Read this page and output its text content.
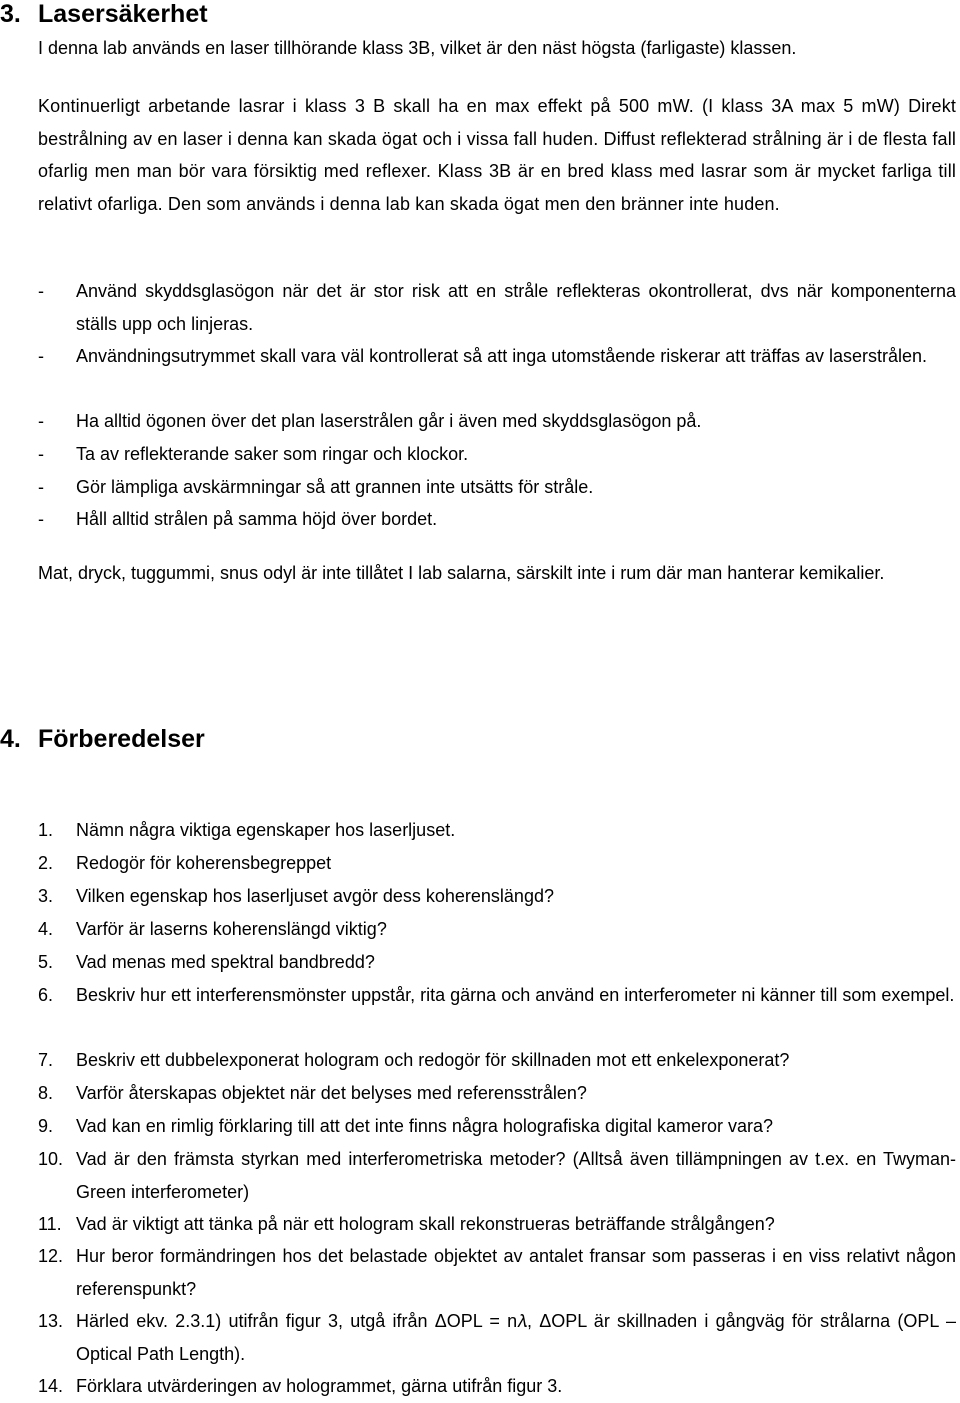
3. Lasersäkerhet

I denna lab används en laser tillhörande klass 3B, vilket är den näst högsta (farligaste) klassen.

Kontinuerligt arbetande lasrar i klass 3 B skall ha en max effekt på 500 mW. (I klass 3A max 5 mW) Direkt bestrålning av en laser i denna kan skada ögat och i vissa fall huden. Diffust reflekterad strålning är i de flesta fall ofarlig men man bör vara försiktig med reflexer. Klass 3B är en bred klass med lasrar som är mycket farliga till relativt ofarliga. Den som används i denna lab kan skada ögat men den bränner inte huden.

- Använd skyddsglasögon när det är stor risk att en stråle reflekteras okontrollerat, dvs när komponenterna ställs upp och linjeras.
- Användningsutrymmet skall vara väl kontrollerat så att inga utomstående riskerar att träffas av laserstrålen.
- Ha alltid ögonen över det plan laserstrålen går i även med skyddsglasögon på.
- Ta av reflekterande saker som ringar och klockor.
- Gör lämpliga avskärmningar så att grannen inte utsätts för stråle.
- Håll alltid strålen på samma höjd över bordet.

Mat, dryck, tuggummi, snus odyl är inte tillåtet I lab salarna, särskilt inte i rum där man hanterar kemikalier.

4. Förberedelser
1. Nämn några viktiga egenskaper hos laserljuset.
2. Redogör för koherensbegreppet
3. Vilken egenskap hos laserljuset avgör dess koherenslängd?
4. Varför är laserns koherenslängd viktig?
5. Vad menas med spektral bandbredd?
6. Beskriv hur ett interferensmönster uppstår, rita gärna och använd en interferometer ni känner till som exempel.
7. Beskriv ett dubbelexponerat hologram och redogör för skillnaden mot ett enkelexponerat?
8. Varför återskapas objektet när det belyses med referensstrålen?
9. Vad kan en rimlig förklaring till att det inte finns några holografiska digital kameror vara?
10. Vad är den främsta styrkan med interferometriska metoder? (Alltså även tillämpningen av t.ex. en Twyman-Green interferometer)
11. Vad är viktigt att tänka på när ett hologram skall rekonstrueras beträffande strålgången?
12. Hur beror formändringen hos det belastade objektet av antalet fransar som passeras i en viss relativt någon referenspunkt?
13. Härled ekv. 2.3.1) utifrån figur 3, utgå ifrån ΔOPL = n𝜆, ΔOPL är skillnaden i gångväg för strålarna (OPL – Optical Path Length).
14. Förklara utvärderingen av hologrammet, gärna utifrån figur 3.
